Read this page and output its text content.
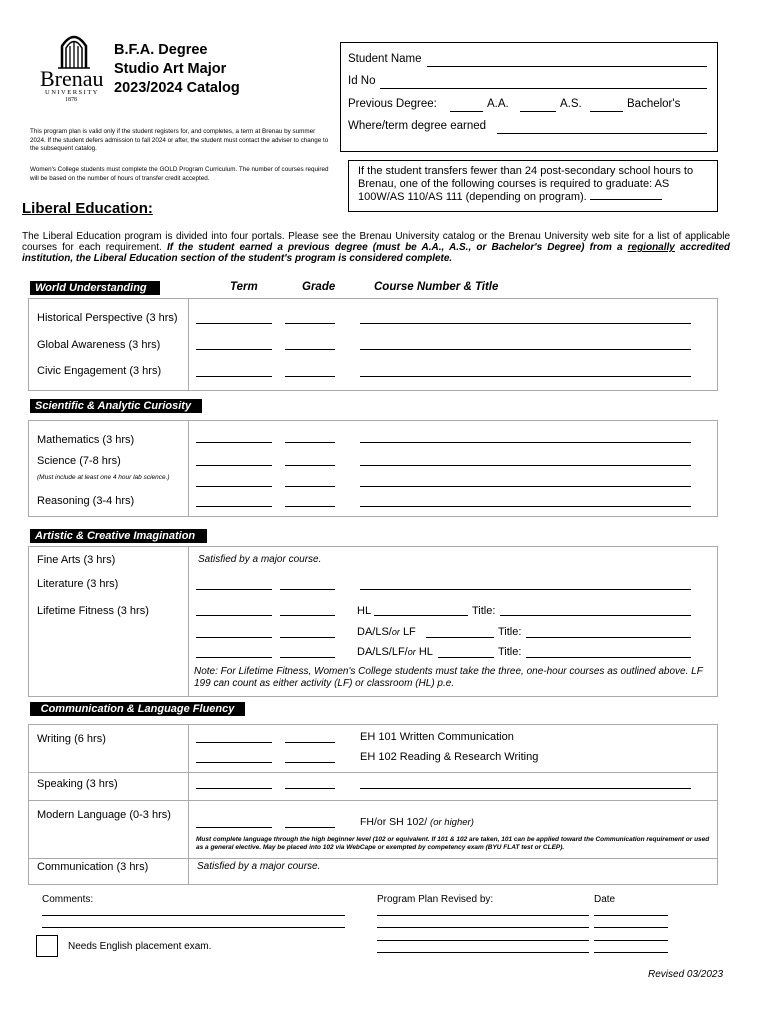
Brenau
UNIVERSITY
1878
B.F.A. Degree
Studio Art Major
2023/2024 Catalog
This program plan is valid only if the student registers for, and completes, a term at Brenau by summer 2024. If the student defers admission to fall 2024 or after, the student must contact the adviser to change to the subsequent catalog.
Women's College students must complete the GOLD Program Curriculum. The number of courses required will be based on the number of hours of transfer credit accepted.
Student Name
Id No
Previous Degree:	A.A.	A.S.	Bachelor's
Where/term degree earned
If the student transfers fewer than 24 post-secondary school hours to Brenau, one of the following courses is required to graduate: AS 100W/AS 110/AS 111 (depending on program).
Liberal Education:
The Liberal Education program is divided into four portals. Please see the Brenau University catalog or the Brenau University web site for a list of applicable courses for each requirement. If the student earned a previous degree (must be A.A., A.S., or Bachelor's Degree) from a regionally accredited institution, the Liberal Education section of the student's program is considered complete.
World Understanding	Term	Grade	Course Number & Title
Historical Perspective (3 hrs)
Global Awareness (3 hrs)
Civic Engagement (3 hrs)
Scientific & Analytic Curiosity
Mathematics (3 hrs)
Science (7-8 hrs)
(Must include at least one 4 hour lab science.)
Reasoning (3-4 hrs)
Artistic & Creative Imagination
Fine Arts (3 hrs)	Satisfied by a major course.
Literature (3 hrs)
Lifetime Fitness (3 hrs)	HL	Title:
DA/LS/or LF	Title:
DA/LS/LF/or HL	Title:
Note: For Lifetime Fitness, Women's College students must take the three, one-hour courses as outlined above. LF 199 can count as either activity (LF) or classroom (HL) p.e.
Communication & Language Fluency
Writing (6 hrs)	EH 101 Written Communication
EH 102 Reading & Research Writing
Speaking (3 hrs)
Modern Language (0-3 hrs)
FH/or SH 102/ (or higher)
Must complete language through the high beginner level (102 or equivalent. If 101 & 102 are taken, 101 can be applied toward the Communication requirement or used as a general elective. May be placed into 102 via WebCape or exempted by competency exam (BYU FLAT test or CLEP).
Communication (3 hrs)	Satisfied by a major course.
Comments:	Program Plan Revised by:	Date
Needs English placement exam.
Revised 03/2023
